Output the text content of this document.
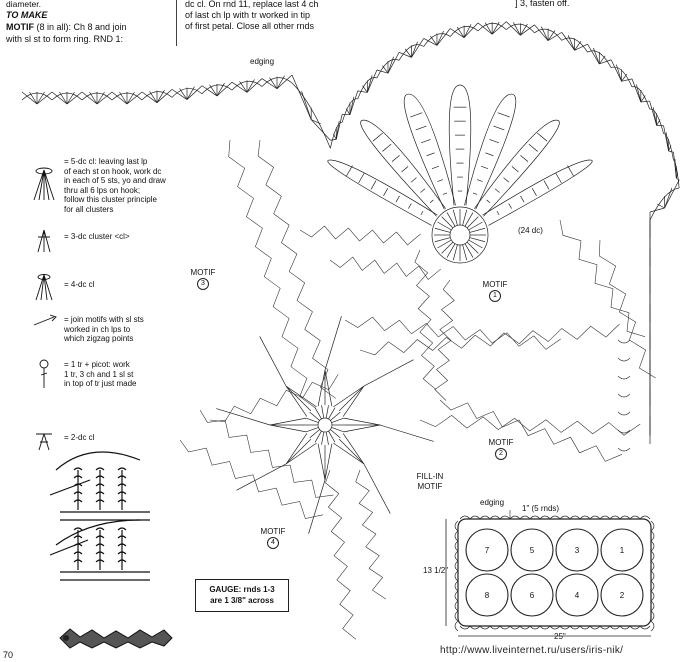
diameter.
TO MAKE
MOTIF (8 in all): Ch 8 and join
with sl st to form ring. RND 1:
dc cl. On rnd 11, replace last 4 ch
of last ch lp with tr worked in tip
of first petal. Close all other rnds
] 3, fasten off.
= 5-dc cl: leaving last lp
of each st on hook, work dc
in each of 5 sts, yo and draw
thru all 6 lps on hook;
follow this cluster principle
for all clusters
= 3-dc cluster <cl>
= 4-dc cl
= join motifs with sl sts
worked in ch lps to
which zigzag points
= 1 tr + picot: work
1 tr, 3 ch and 1 sl st
in top of tr just made
= 2-dc cl
edging
(24 dc)
MOTIF
3	MOTIF
1
MOTIF
2
MOTIF
4
FILL-IN
MOTIF
edging
1" (5 rnds)
13 1/2"
25"
7	5	3	1
8	6	4	2
GAUGE: rnds 1-3
are 1 3/8" across
70	http://www.liveinternet.ru/users/iris-nik/
